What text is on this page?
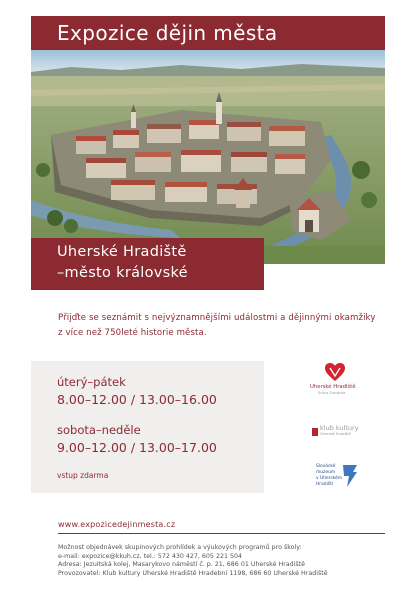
Expozice dějin města
Uherské Hradiště
–město královské

Přijďte se seznámit s nejvýznamnějšími událostmi a dějinnými okamžiky z více než 750leté historie města.

úterý–pátek
8.00–12.00 / 13.00–16.00
sobota–neděle
9.00–12.00 / 13.00–17.00
vstup zdarma
Uherské Hradiště
Srdce Slovácka
klub kultury
Uherské Hradiště
Slovácké
muzeum
v Uherském
Hradišti
www.expozicedejinmesta.cz
Možnost objednávek skupinových prohlídek a výukových programů pro školy:
e-mail: expozice@kkuh.cz, tel.: 572 430 427, 605 221 504
Adresa: Jezuitská kolej, Masarykovo náměstí č. p. 21, 686 01 Uherské Hradiště
Provozovatel: Klub kultury Uherské Hradiště Hradební 1198, 686 60 Uherské Hradiště
